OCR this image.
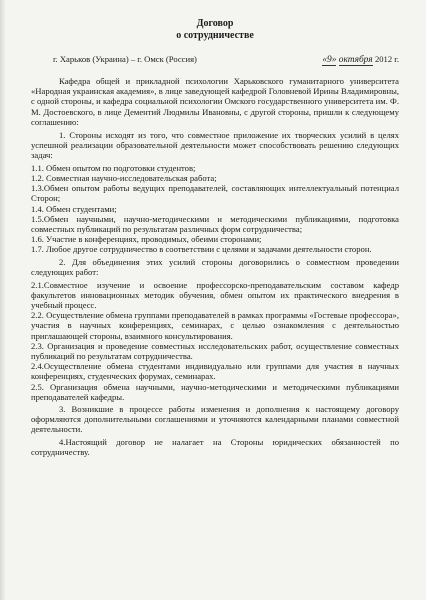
Договор

о сотрудничестве

г. Харьков (Украина) – г. Омск (Россия)	«9» октября 2012 г.

Кафедра общей и прикладной психологии Харьковского гуманитарного университета «Народная украинская академия», в лице заведующей кафедрой Головневой Ирины Владимировны, с одной стороны, и кафедра социальной психологии Омского государственного университета им. Ф. М. Достоевского, в лице Дементий Людмилы Ивановны, с другой стороны, пришли к следующему соглашению:

1. Стороны исходят из того, что совместное приложение их творческих усилий в целях успешной реализации образовательной деятельности может способствовать решению следующих задач:

1.1. Обмен опытом по подготовки студентов;

1.2. Совместная научно-исследовательская работа;

1.3.Обмен опытом работы ведущих преподавателей, составляющих интеллектуальный потенциал Сторон;

1.4. Обмен студентами;

1.5.Обмен научными, научно-методическими и методическими публикациями, подготовка совместных публикаций по результатам различных форм сотрудничества;

1.6. Участие в конференциях, проводимых, обеими сторонами;

1.7. Любое другое сотрудничество в соответствии с целями и задачами деятельности сторон.

2. Для объединения этих усилий стороны договорились о совместном проведении следующих работ:

2.1.Совместное изучение и освоение профессорско-преподавательским составом кафедр факультетов инновационных методик обучения, обмен опытом их практического внедрения в учебный процесс.

2.2. Осуществление обмена группами преподавателей в рамках программы «Гостевые профессора», участия в научных конференциях, семинарах, с целью ознакомления с деятельностью приглашающей стороны, взаимного консультирования.

2.3. Организация и проведение совместных исследовательских работ, осуществление совместных публикаций по результатам сотрудничества.

2.4.Осуществление обмена студентами индивидуально или группами для участия в научных конференциях, студенческих форумах, семинарах.

2.5. Организация обмена научными, научно-методическими и методическими публикациями преподавателей кафедры.

3. Возникшие в процессе работы изменения и дополнения к настоящему договору оформляются дополнительными соглашениями и уточняются календарными планами совместной деятельности.

4.Настоящий договор не налагает на Стороны юридических обязанностей по сотрудничеству.
